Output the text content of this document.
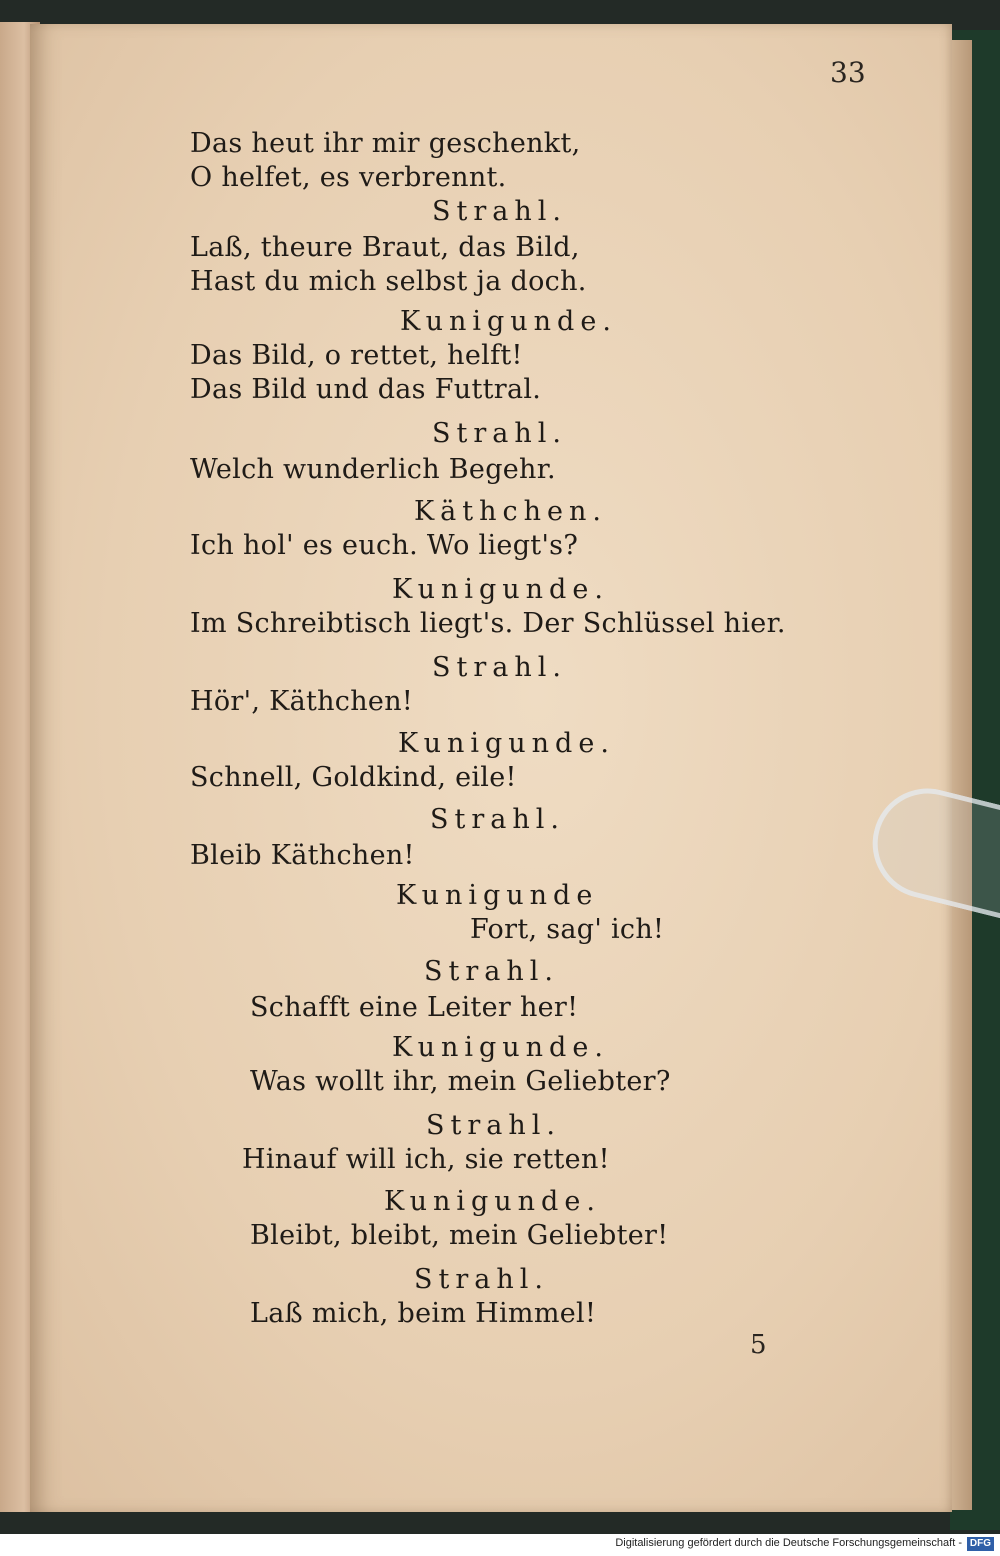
33
Das heut ihr mir geschenkt,
O helfet, es verbrennt.
Strahl.
Laß, theure Braut, das Bild,
Hast du mich selbst ja doch.
Kunigunde.
Das Bild, o rettet, helft!
Das Bild und das Futtral.
Strahl.
Welch wunderlich Begehr.
Käthchen.
Ich hol' es euch. Wo liegt's?
Kunigunde.
Im Schreibtisch liegt's. Der Schlüssel hier.
Strahl.
Hör', Käthchen!
Kunigunde.
Schnell, Goldkind, eile!
Strahl.
Bleib Käthchen!
Kunigunde
Fort, sag' ich!
Strahl.
Schafft eine Leiter her!
Kunigunde.
Was wollt ihr, mein Geliebter?
Strahl.
Hinauf will ich, sie retten!
Kunigunde.
Bleibt, bleibt, mein Geliebter!
Strahl.
Laß mich, beim Himmel!
5
Digitalisierung gefördert durch die Deutsche Forschungsgemeinschaft - DFG
